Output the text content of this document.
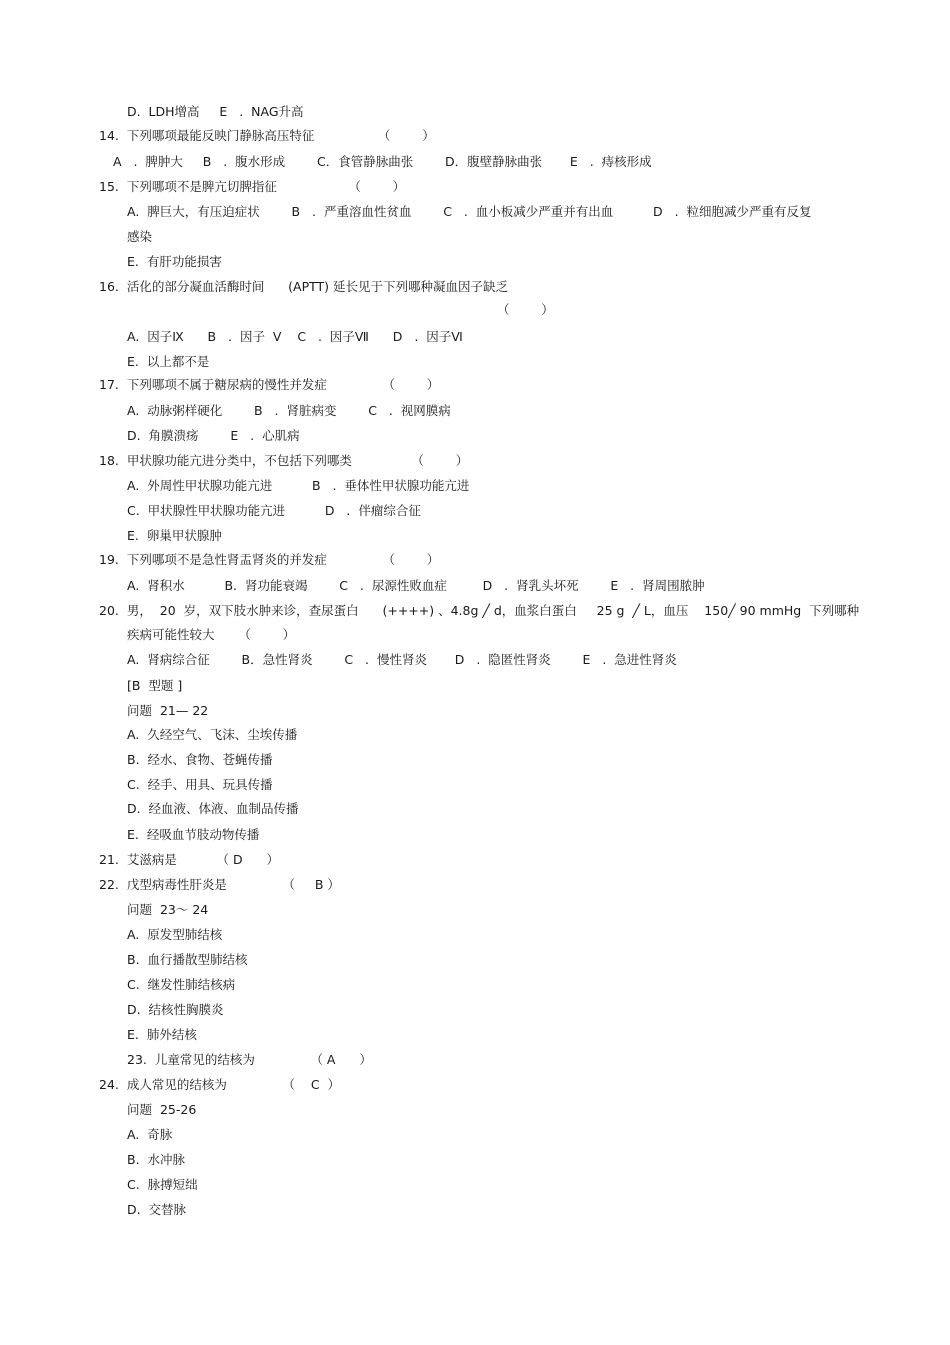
D.  LDH增高     E   .  NAG升高
14.  下列哪项最能反映门静脉高压特征                （        ）
A   .  脾肿大     B   .  腹水形成        C．食管静脉曲张        D．腹壁静脉曲张       E   .  痔核形成
15.  下列哪项不是脾亢切脾指征                  （        ）
A.  脾巨大，有压迫症状        B   .  严重溶血性贫血        C   .  血小板减少严重并有出血          D   .  粒细胞减少严重有反复
感染
E.  有肝功能损害
16.  活化的部分凝血活酶时间      (APTT) 延长见于下列哪种凝血因子缺乏
（        ）
A.  因子Ⅸ      B   .  因子  V    C   .  因子Ⅶ      D   .  因子Ⅵ
E.  以上都不是
17.  下列哪项不属于糖尿病的慢性并发症              （        ）
A.  动脉粥样硬化        B   .  肾脏病变        C   .  视网膜病
D.  角膜溃疡        E   .  心肌病
18.  甲状腺功能亢进分类中，不包括下列哪类               （        ）
A.  外周性甲状腺功能亢进          B   .  垂体性甲状腺功能亢进
C.  甲状腺性甲状腺功能亢进          D   .  伴瘤综合征
E.  卵巢甲状腺肿
19.  下列哪项不是急性肾盂肾炎的并发症              （        ）
A.  肾积水          B.  肾功能衰竭        C   .  尿源性败血症         D   .  肾乳头坏死        E   .  肾周围脓肿
20.  男，  20  岁，双下肢水肿来诊，查尿蛋白      (++++) 、4.8g ╱ d，血浆白蛋白     25 g  ╱ L，血压    150╱ 90 mmHg  下列哪种
疾病可能性较大      （        ）
A.  肾病综合征        B．急性肾炎        C   .  慢性肾炎       D   .  隐匿性肾炎        E   .  急进性肾炎
[B  型题 ]
问题  21— 22
A.  久经空气、飞沫、尘埃传播
B.  经水、食物、苍蝇传播
C.  经手、用具、玩具传播
D.  经血液、体液、血制品传播
E.  经吸血节肢动物传播
21.  艾滋病是          （ D      ）
22.  戊型病毒性肝炎是              （     B ）
问题  23～ 24
A.  原发型肺结核
B.  血行播散型肺结核
C.  继发性肺结核病
D.  结核性胸膜炎
E.  肺外结核
23.  儿童常见的结核为              （ A      ）
24.  成人常见的结核为              （    C  ）
问题  25-26
A.  奇脉
B.  水冲脉
C.  脉搏短绌
D.  交替脉
